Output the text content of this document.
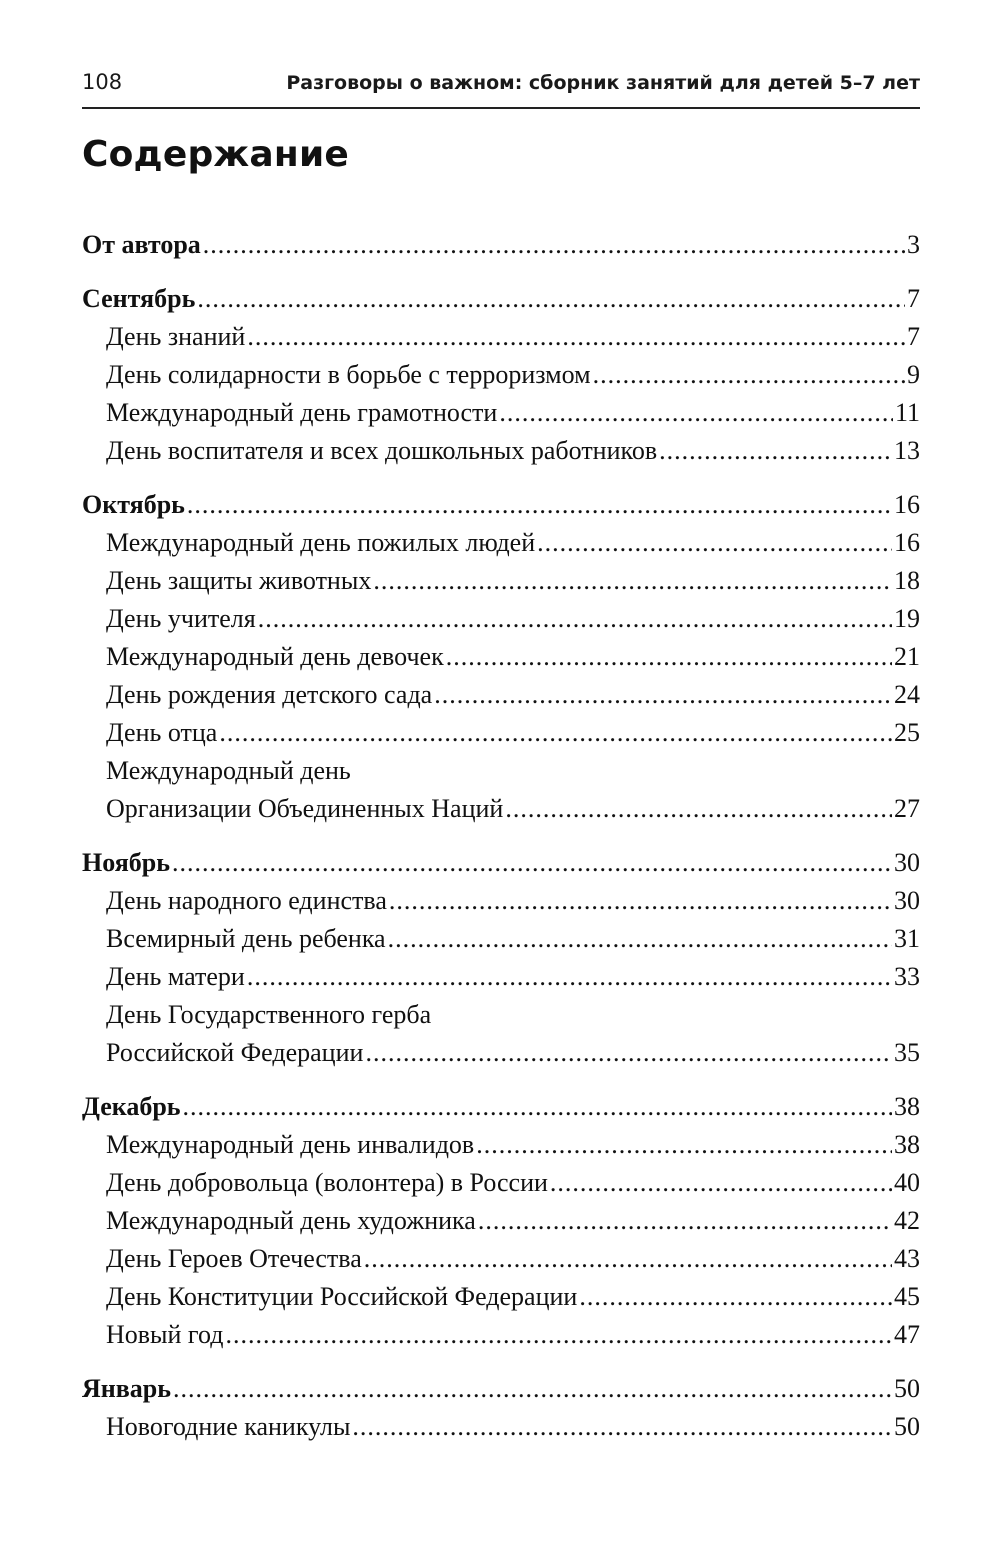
108	Разговоры о важном: сборник занятий для детей 5–7 лет
Содержание
От автора .....	3
Сентябрь .....	7
День знаний .....	7
День солидарности в борьбе с терроризмом .....	9
Международный день грамотности .....	11
День воспитателя и всех дошкольных работников .....	13
Октябрь .....	16
Международный день пожилых людей .....	16
День защиты животных .....	18
День учителя .....	19
Международный день девочек .....	21
День рождения детского сада .....	24
День отца .....	25
Международный день
Организации Объединенных Наций .....	27
Ноябрь .....	30
День народного единства .....	30
Всемирный день ребенка .....	31
День матери .....	33
День Государственного герба
Российской Федерации .....	35
Декабрь .....	38
Международный день инвалидов .....	38
День добровольца (волонтера) в России .....	40
Международный день художника .....	42
День Героев Отечества .....	43
День Конституции Российской Федерации .....	45
Новый год .....	47
Январь .....	50
Новогодние каникулы .....	50
